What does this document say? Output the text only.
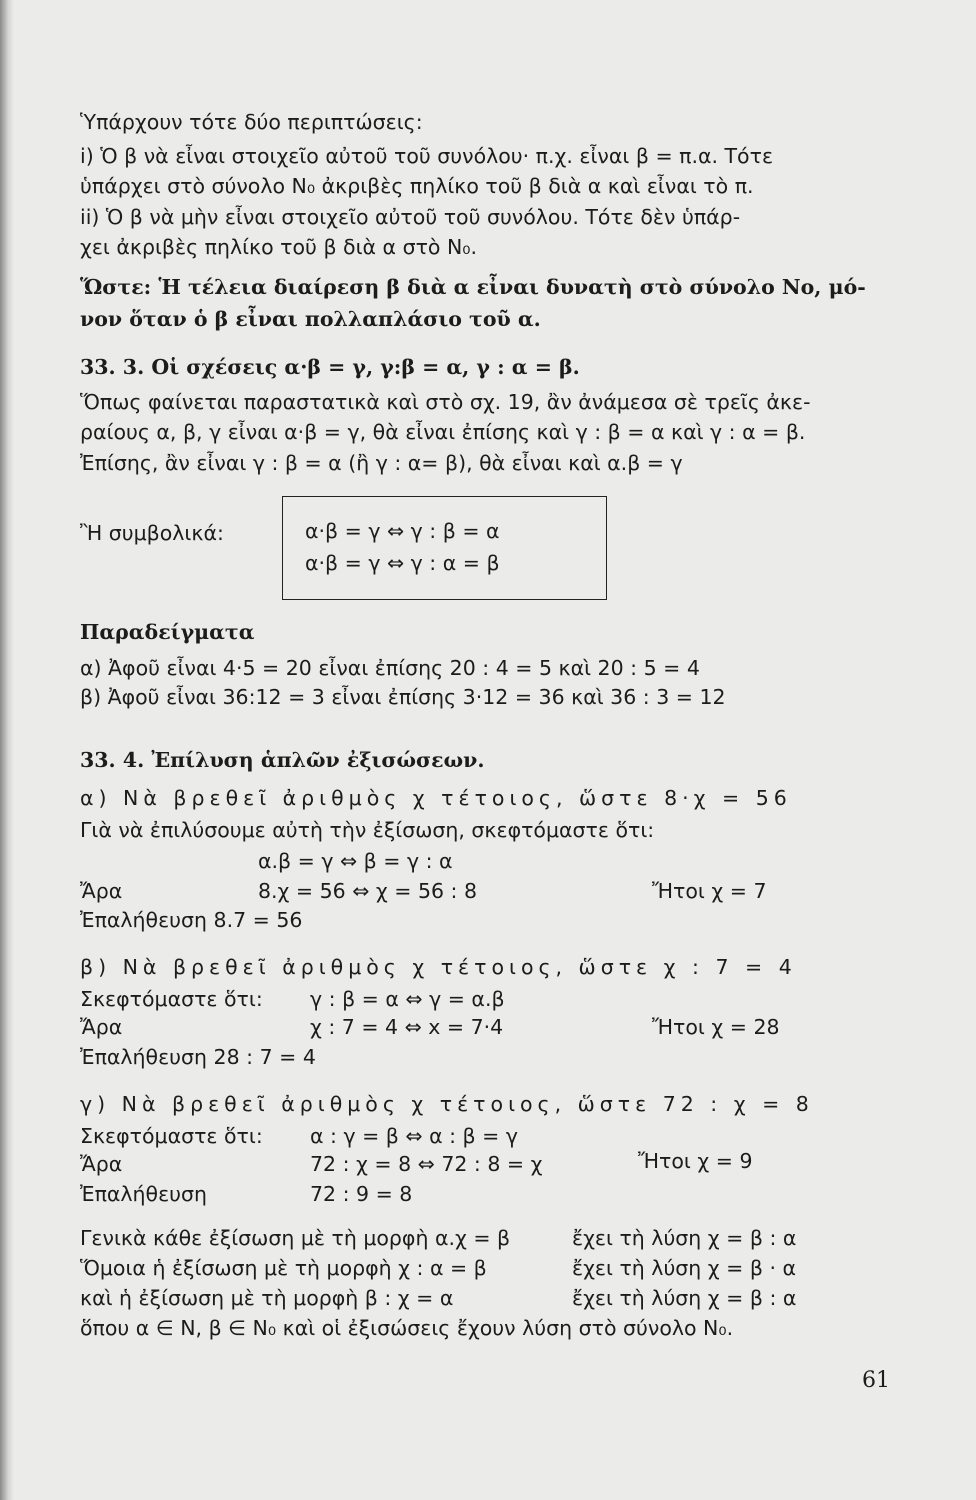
Ὑπάρχουν τότε δύο περιπτώσεις:
i) Ὁ β νὰ εἶναι στοιχεῖο αὐτοῦ τοῦ συνόλου· π.χ. εἶναι β = π.α. Τότε
ὑπάρχει στὸ σύνολο N₀ ἀκριβὲς πηλίκο τοῦ β διὰ α καὶ εἶναι τὸ π.
ii) Ὁ β νὰ μὴν εἶναι στοιχεῖο αὐτοῦ τοῦ συνόλου. Τότε δὲν ὑπάρ-
χει ἀκριβὲς πηλίκο τοῦ β διὰ α στὸ N₀.
Ὥστε: Ἡ τέλεια διαίρεση β διὰ α εἶναι δυνατὴ στὸ σύνολο No, μό-
νον ὅταν ὁ β εἶναι πολλαπλάσιο τοῦ α.
33. 3. Οἱ σχέσεις α·β = γ, γ:β = α, γ : α = β.
Ὅπως φαίνεται παραστατικὰ καὶ στὸ σχ. 19, ἂν ἀνάμεσα σὲ τρεῖς ἀκε-
ραίους α, β, γ εἶναι α·β = γ, θὰ εἶναι ἐπίσης καὶ γ : β = α καὶ γ : α = β.
Ἐπίσης, ἂν εἶναι γ : β = α (ἢ γ : α= β), θὰ εἶναι καὶ α.β = γ
Ἢ συμβολικά:	α·β = γ ⇔ γ : β = α
α·β = γ ⇔ γ : α = β
Παραδείγματα
α) Ἀφοῦ εἶναι 4·5 = 20 εἶναι ἐπίσης 20 : 4 = 5 καὶ 20 : 5 = 4
β) Ἀφοῦ εἶναι 36:12 = 3 εἶναι ἐπίσης 3·12 = 36 καὶ 36 : 3 = 12
33. 4. Ἐπίλυση ἁπλῶν ἐξισώσεων.
α) Νὰ βρεθεῖ ἀριθμὸς χ τέτοιος, ὥστε 8·χ = 56
Γιὰ νὰ ἐπιλύσουμε αὐτὴ τὴν ἐξίσωση, σκεφτόμαστε ὅτι:
α.β = γ ⇔ β = γ : α
Ἄρα	8.χ = 56 ⇔ χ = 56 : 8	Ἤτοι χ = 7
Ἐπαλήθευση 8.7 = 56
β) Νὰ βρεθεῖ ἀριθμὸς χ τέτοιος, ὥστε χ : 7 = 4
Σκεφτόμαστε ὅτι: γ : β = α ⇔ γ = α.β
Ἄρα	χ : 7 = 4 ⇔ x = 7·4	Ἤτοι χ = 28
Ἐπαλήθευση 28 : 7 = 4
γ) Νὰ βρεθεῖ ἀριθμὸς χ τέτοιος, ὥστε 72 : χ = 8
Σκεφτόμαστε ὅτι: α : γ = β ⇔ α : β = γ
Ἄρα	72 : χ = 8 ⇔ 72 : 8 = χ	Ἤτοι χ = 9
Ἐπαλήθευση	72 : 9 = 8
Γενικὰ κάθε ἐξίσωση μὲ τὴ μορφὴ α.χ = β	ἔχει τὴ λύση χ = β : α
Ὅμοια ἡ ἐξίσωση μὲ τὴ μορφὴ χ : α = β	ἔχει τὴ λύση χ = β · α
καὶ ἡ ἐξίσωση μὲ τὴ μορφὴ β : χ = α	ἔχει τὴ λύση χ = β : α
ὅπου α ∈ N, β ∈ N₀ καὶ οἱ ἐξισώσεις ἔχουν λύση στὸ σύνολο N₀.
61
